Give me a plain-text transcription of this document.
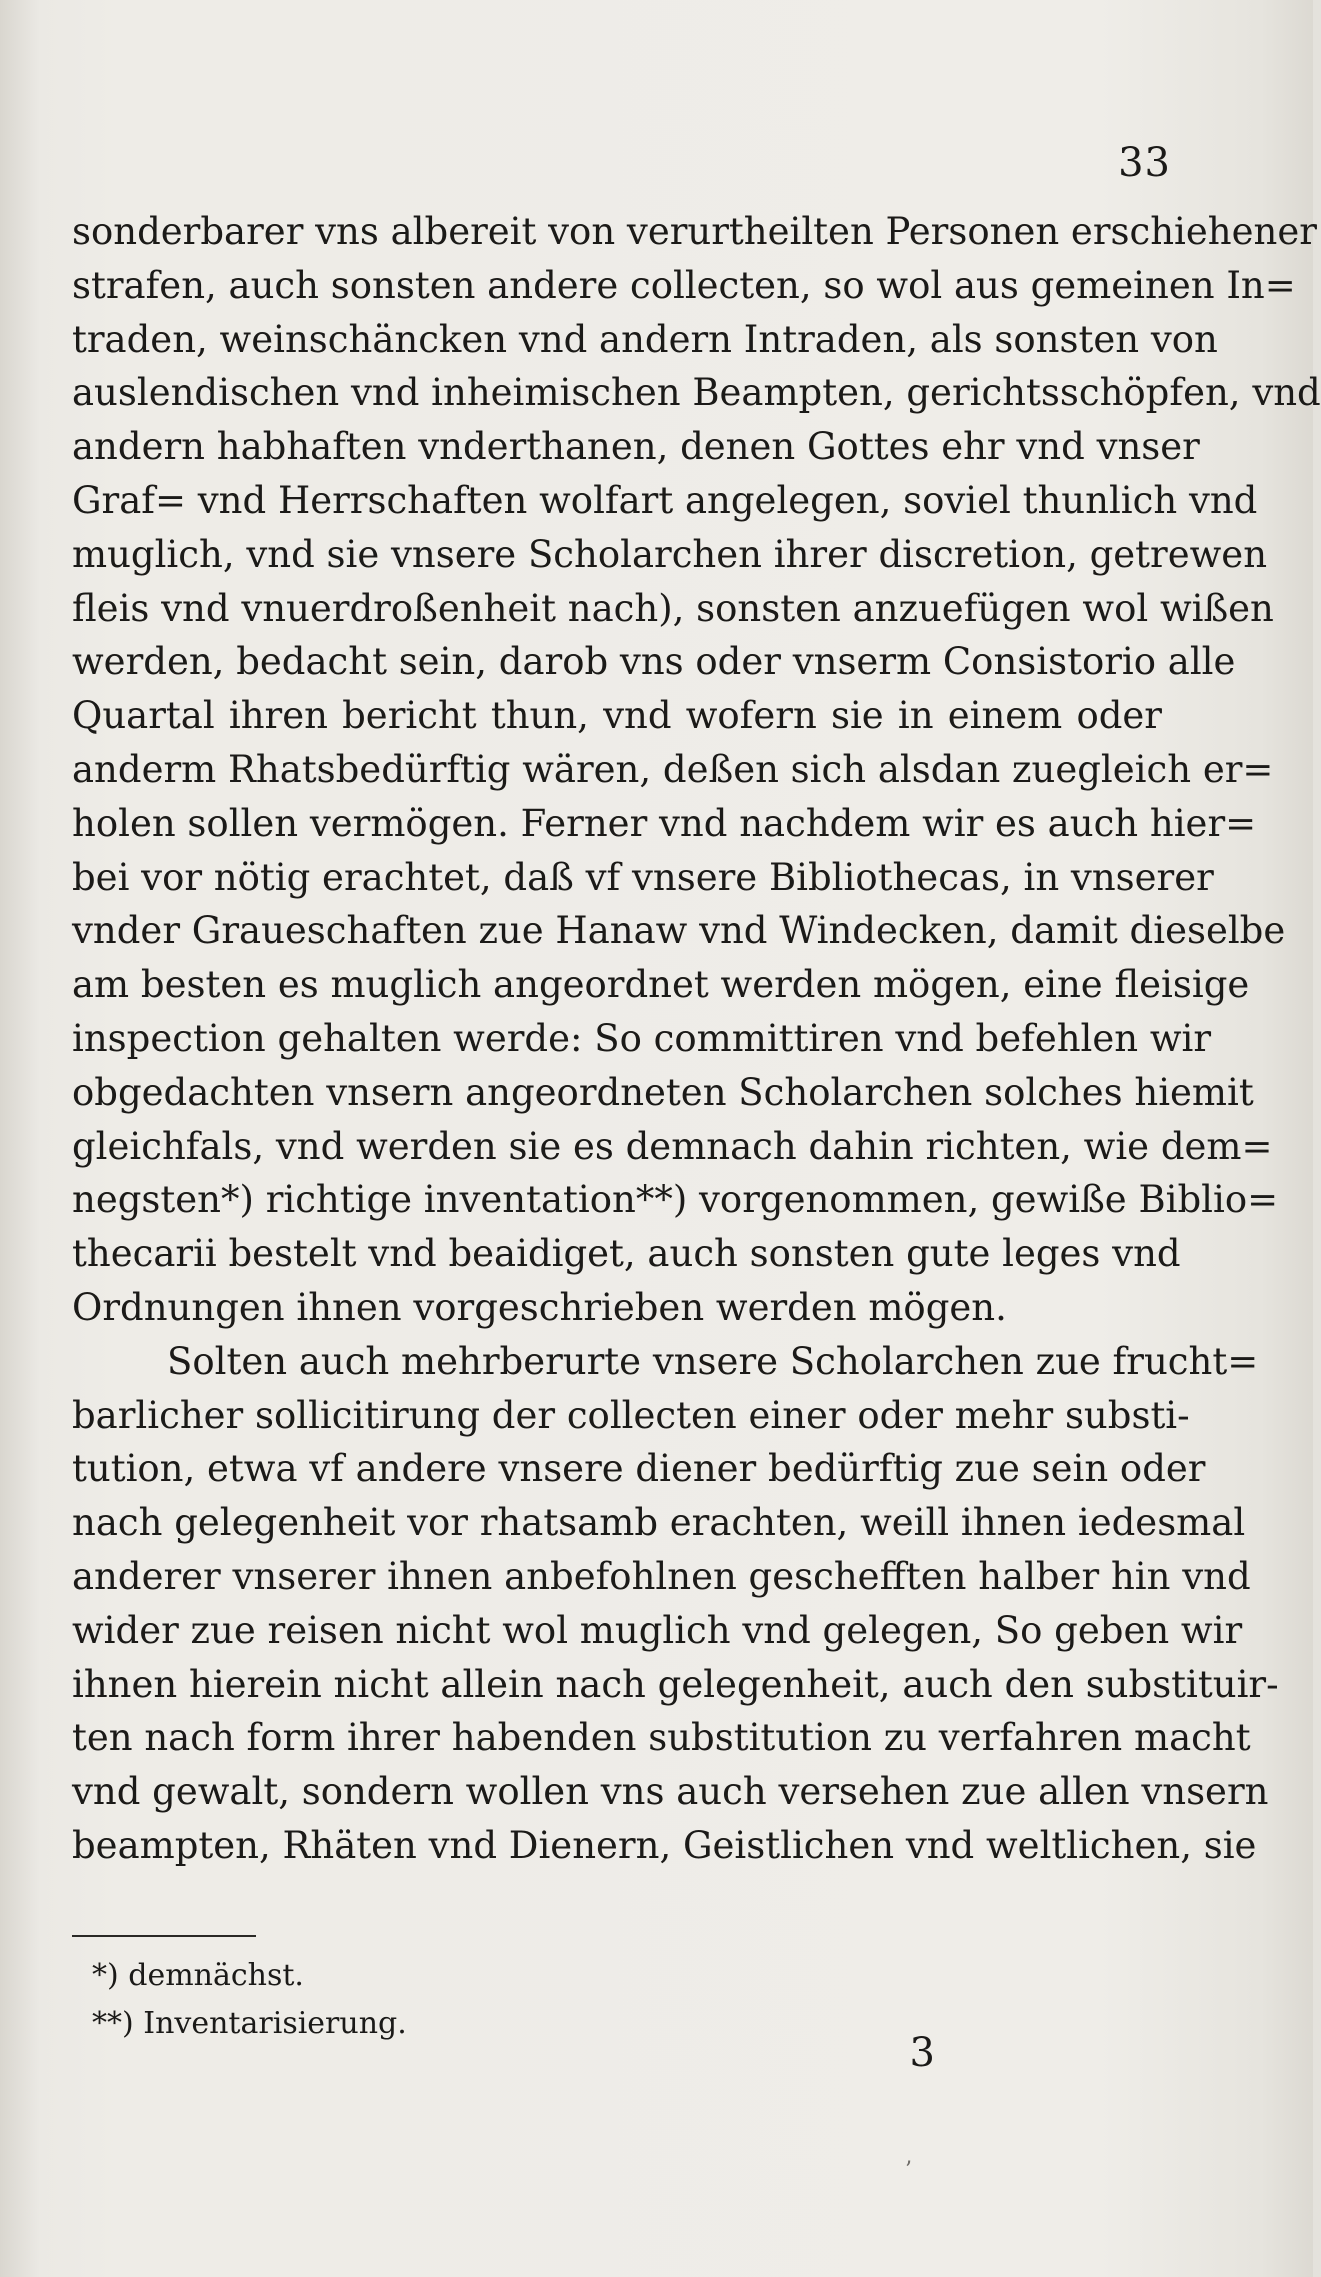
33
sonderbarer vns albereit von verurtheilten Personen erschiehener
strafen, auch sonsten andere collecten, so wol aus gemeinen In=
traden, weinschäncken vnd andern Intraden, als sonsten von
auslendischen vnd inheimischen Beampten, gerichtsschöpfen, vnd
andern habhaften vnderthanen, denen Gottes ehr vnd vnser
Graf= vnd Herrschaften wolfart angelegen, soviel thunlich vnd
muglich, vnd sie vnsere Scholarchen ihrer discretion, getrewen
fleis vnd vnuerdroßenheit nach), sonsten anzuefügen wol wißen
werden, bedacht sein, darob vns oder vnserm Consistorio alle
Quartal ihren bericht thun, vnd wofern sie in einem oder
anderm Rhatsbedürftig wären, deßen sich alsdan zuegleich er=
holen sollen vermögen. Ferner vnd nachdem wir es auch hier=
bei vor nötig erachtet, daß vf vnsere Bibliothecas, in vnserer
vnder Graueschaften zue Hanaw vnd Windecken, damit dieselbe
am besten es muglich angeordnet werden mögen, eine fleisige
inspection gehalten werde: So committiren vnd befehlen wir
obgedachten vnsern angeordneten Scholarchen solches hiemit
gleichfals, vnd werden sie es demnach dahin richten, wie dem=
negsten*) richtige inventation**) vorgenommen, gewiße Biblio=
thecarii bestelt vnd beaidiget, auch sonsten gute leges vnd
Ordnungen ihnen vorgeschrieben werden mögen.
Solten auch mehrberurte vnsere Scholarchen zue frucht=
barlicher sollicitirung der collecten einer oder mehr substi-
tution, etwa vf andere vnsere diener bedürftig zue sein oder
nach gelegenheit vor rhatsamb erachten, weill ihnen iedesmal
anderer vnserer ihnen anbefohlnen geschefften halber hin vnd
wider zue reisen nicht wol muglich vnd gelegen, So geben wir
ihnen hierein nicht allein nach gelegenheit, auch den substituir-
ten nach form ihrer habenden substitution zu verfahren macht
vnd gewalt, sondern wollen vns auch versehen zue allen vnsern
beampten, Rhäten vnd Dienern, Geistlichen vnd weltlichen, sie
*) demnächst.
**) Inventarisierung.
3
’
